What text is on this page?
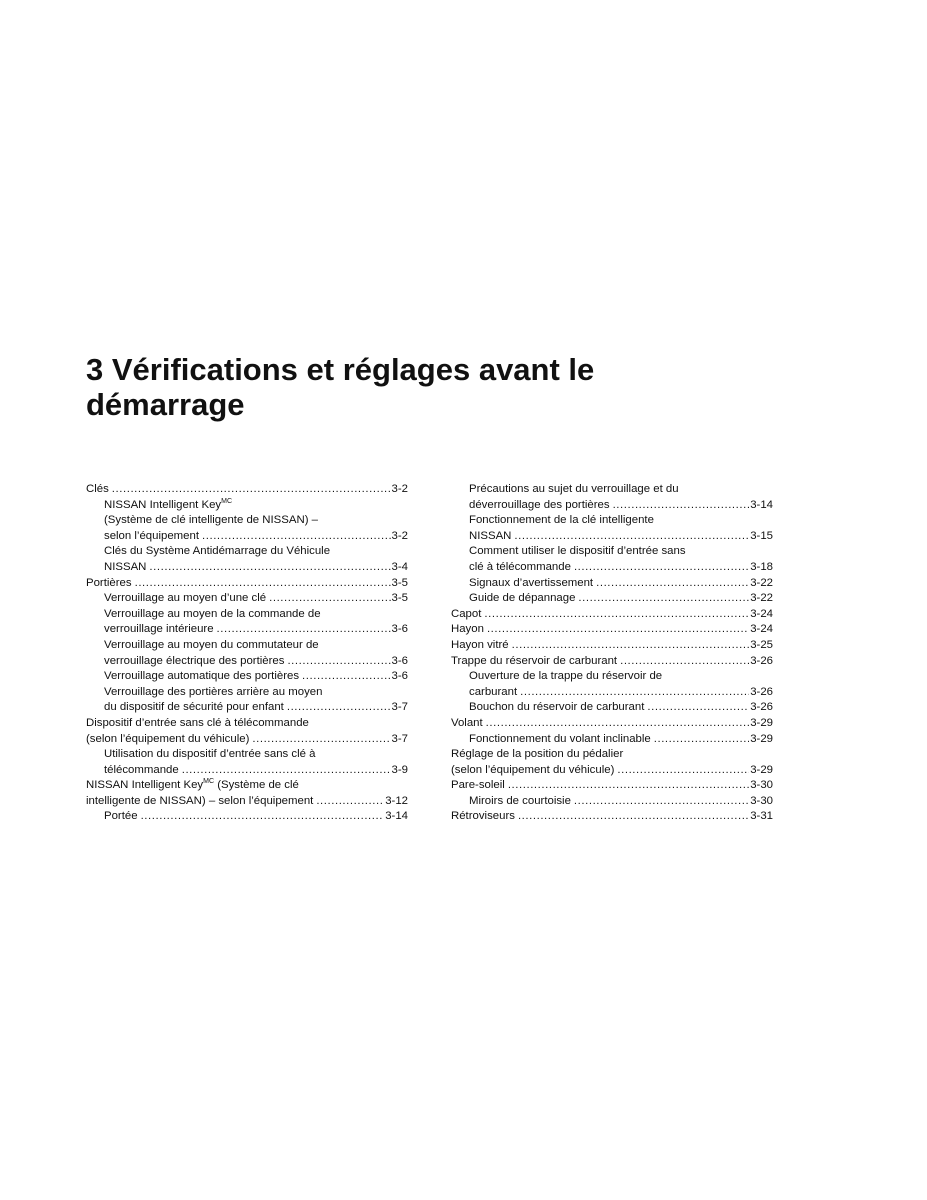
3 Vérifications et réglages avant le
démarrage
Clés . . .	3-2
NISSAN Intelligent Key$^{MC}$
(Système de clé intelligente de NISSAN) –
selon l’équipement . . .	3-2
Clés du Système Antidémarrage du Véhicule
NISSAN . . .	3-4
Portières . . .	3-5
Verrouillage au moyen d’une clé . . .	3-5
Verrouillage au moyen de la commande de
verrouillage intérieure . . .	3-6
Verrouillage au moyen du commutateur de
verrouillage électrique des portières . . .	3-6
Verrouillage automatique des portières . . .	3-6
Verrouillage des portières arrière au moyen
du dispositif de sécurité pour enfant . . .	3-7
Dispositif d’entrée sans clé à télécommande
(selon l’équipement du véhicule) . . .	3-7
Utilisation du dispositif d’entrée sans clé à
télécommande . . .	3-9
NISSAN Intelligent Key$^{MC}$ (Système de clé
intelligente de NISSAN) – selon l’équipement . . .	3-12
Portée . . .	3-14
Précautions au sujet du verrouillage et du
déverrouillage des portières . . .	3-14
Fonctionnement de la clé intelligente
NISSAN . . .	3-15
Comment utiliser le dispositif d’entrée sans
clé à télécommande . . .	3-18
Signaux d’avertissement . . .	3-22
Guide de dépannage . . .	3-22
Capot . . .	3-24
Hayon . . .	3-24
Hayon vitré . . .	3-25
Trappe du réservoir de carburant . . .	3-26
Ouverture de la trappe du réservoir de
carburant . . .	3-26
Bouchon du réservoir de carburant . . .	3-26
Volant . . .	3-29
Fonctionnement du volant inclinable . . .	3-29
Réglage de la position du pédalier
(selon l’équipement du véhicule) . . .	3-29
Pare-soleil . . .	3-30
Miroirs de courtoisie . . .	3-30
Rétroviseurs . . .	3-31
